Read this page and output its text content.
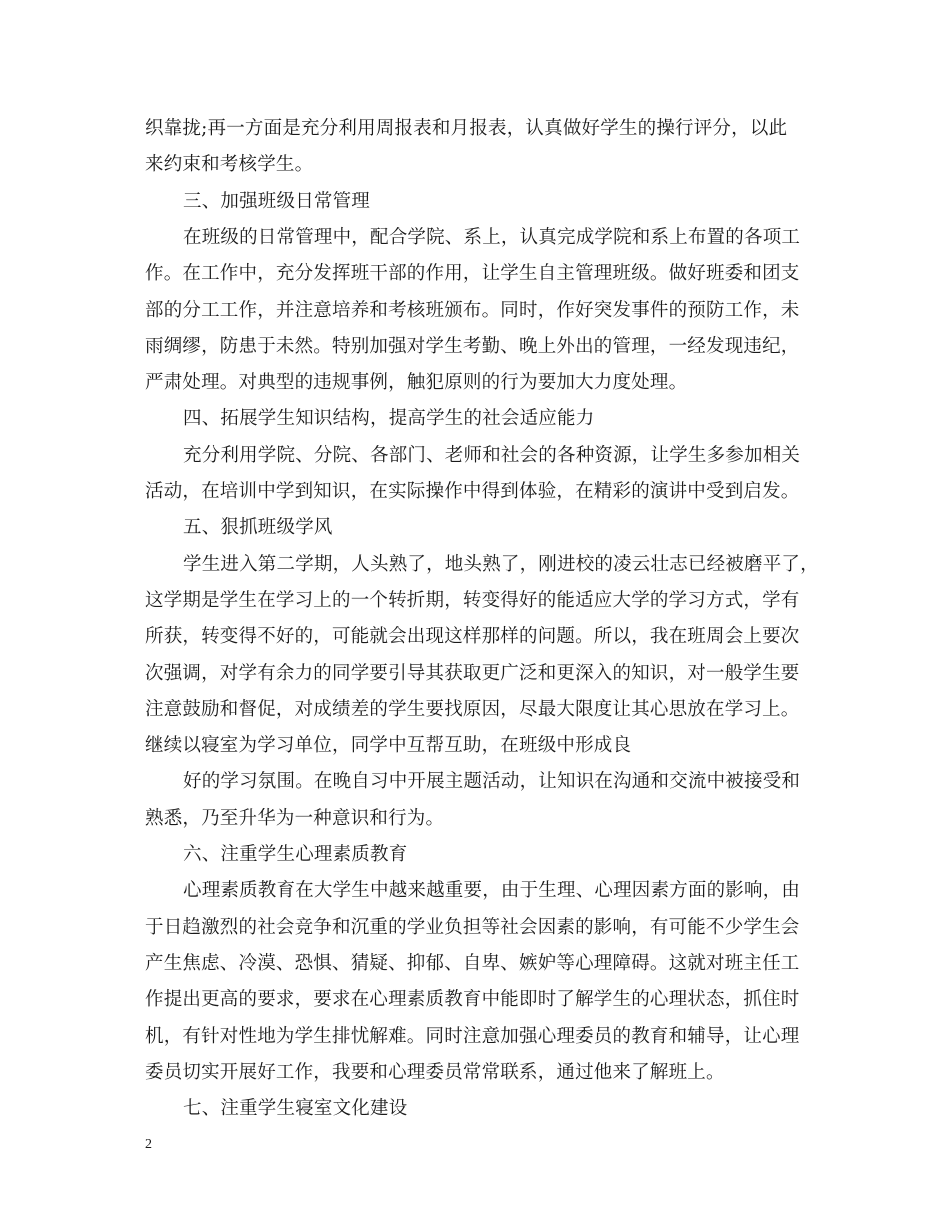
织靠拢;再一方面是充分利用周报表和月报表，认真做好学生的操行评分，以此
来约束和考核学生。
三、加强班级日常管理
在班级的日常管理中，配合学院、系上，认真完成学院和系上布置的各项工
作。在工作中，充分发挥班干部的作用，让学生自主管理班级。做好班委和团支
部的分工工作，并注意培养和考核班颁布。同时，作好突发事件的预防工作，未
雨绸缪，防患于未然。特别加强对学生考勤、晚上外出的管理，一经发现违纪，
严肃处理。对典型的违规事例，触犯原则的行为要加大力度处理。
四、拓展学生知识结构，提高学生的社会适应能力
充分利用学院、分院、各部门、老师和社会的各种资源，让学生多参加相关
活动，在培训中学到知识，在实际操作中得到体验，在精彩的演讲中受到启发。
五、狠抓班级学风
学生进入第二学期，人头熟了，地头熟了，刚进校的凌云壮志已经被磨平了，
这学期是学生在学习上的一个转折期，转变得好的能适应大学的学习方式，学有
所获，转变得不好的，可能就会出现这样那样的问题。所以，我在班周会上要次
次强调，对学有余力的同学要引导其获取更广泛和更深入的知识，对一般学生要
注意鼓励和督促，对成绩差的学生要找原因，尽最大限度让其心思放在学习上。
继续以寝室为学习单位，同学中互帮互助，在班级中形成良
好的学习氛围。在晚自习中开展主题活动，让知识在沟通和交流中被接受和
熟悉，乃至升华为一种意识和行为。
六、注重学生心理素质教育
心理素质教育在大学生中越来越重要，由于生理、心理因素方面的影响，由
于日趋激烈的社会竞争和沉重的学业负担等社会因素的影响，有可能不少学生会
产生焦虑、冷漠、恐惧、猜疑、抑郁、自卑、嫉妒等心理障碍。这就对班主任工
作提出更高的要求，要求在心理素质教育中能即时了解学生的心理状态，抓住时
机，有针对性地为学生排忧解难。同时注意加强心理委员的教育和辅导，让心理
委员切实开展好工作，我要和心理委员常常联系，通过他来了解班上。
七、注重学生寝室文化建设
2
